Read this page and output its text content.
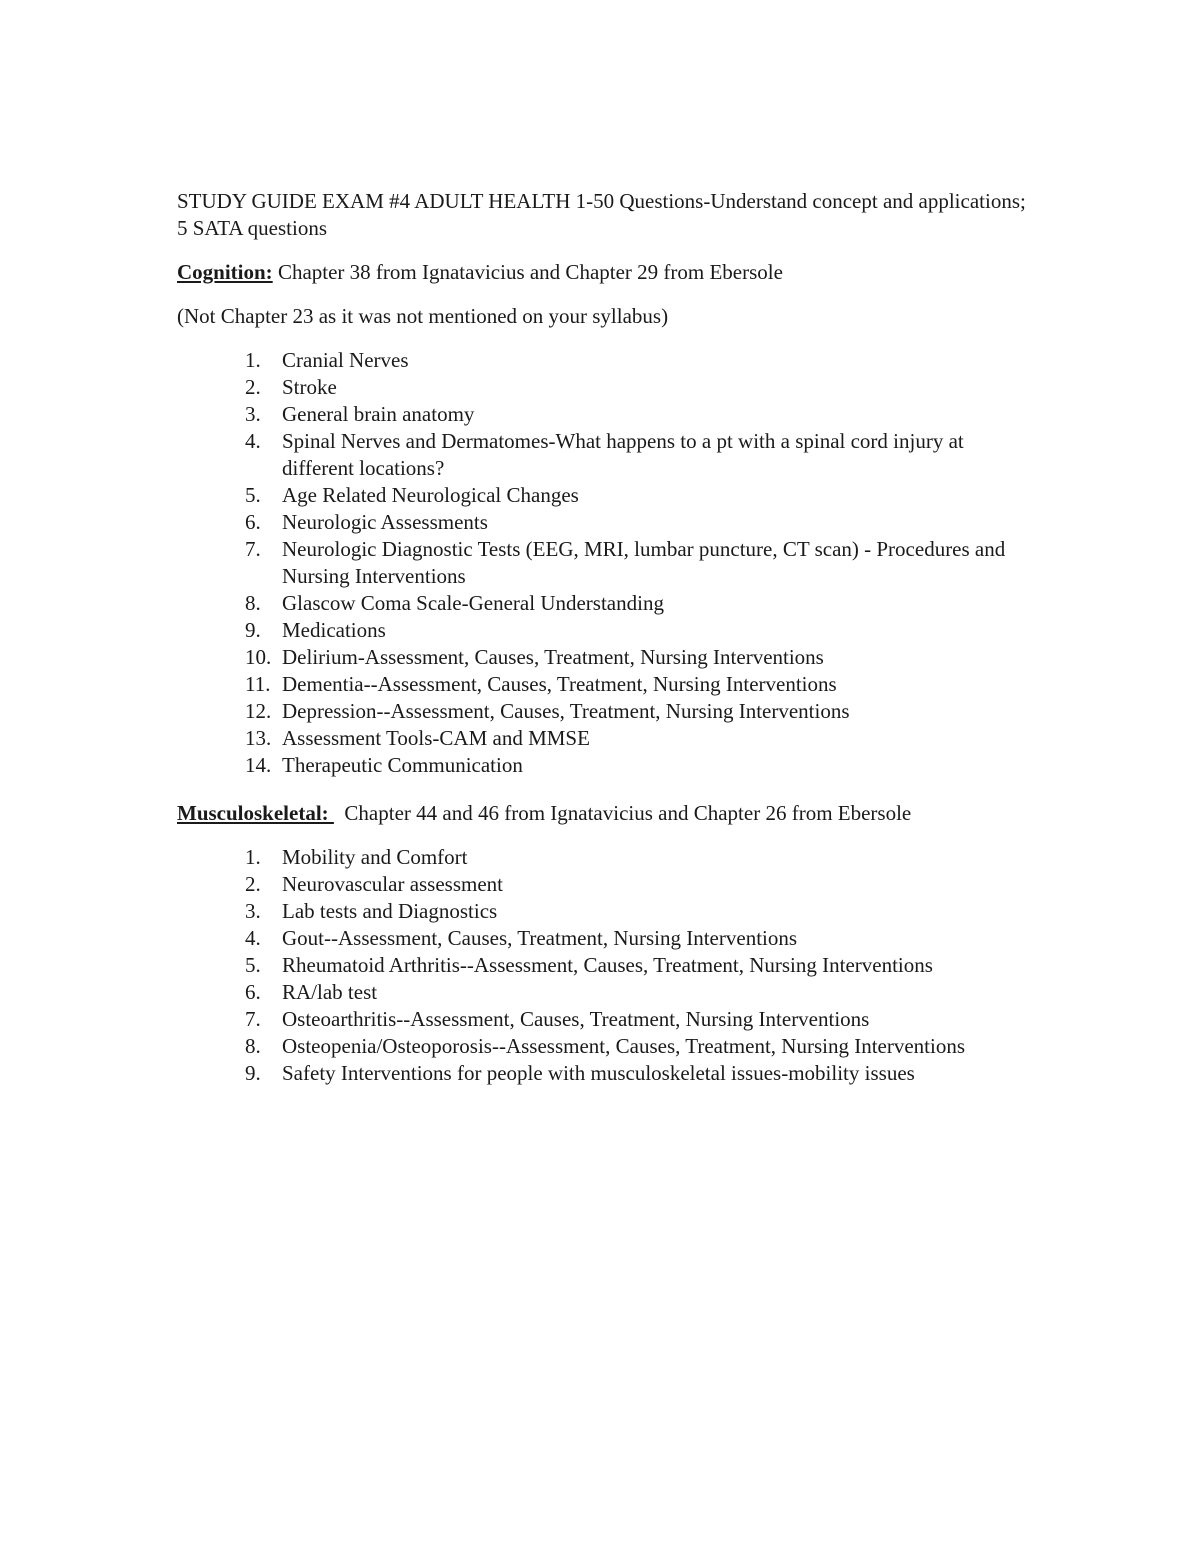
STUDY GUIDE EXAM #4 ADULT HEALTH 1-50 Questions-Understand concept and applications; 5 SATA questions

Cognition: Chapter 38 from Ignatavicius and Chapter 29 from Ebersole

(Not Chapter 23 as it was not mentioned on your syllabus)

1.	Cranial Nerves
2.	Stroke
3.	General brain anatomy
4.	Spinal Nerves and Dermatomes-What happens to a pt with a spinal cord injury at different locations?
5.	Age Related Neurological Changes
6.	Neurologic Assessments
7.	Neurologic Diagnostic Tests (EEG, MRI, lumbar puncture, CT scan) - Procedures and Nursing Interventions
8.	Glascow Coma Scale-General Understanding
9.	Medications
10. Delirium-Assessment, Causes, Treatment, Nursing Interventions
11. Dementia--Assessment, Causes, Treatment, Nursing Interventions
12. Depression--Assessment, Causes, Treatment, Nursing Interventions
13. Assessment Tools-CAM and MMSE
14. Therapeutic Communication

Musculoskeletal:   Chapter 44 and 46 from Ignatavicius and Chapter 26 from Ebersole

1.	Mobility and Comfort
2.	Neurovascular assessment
3.	Lab tests and Diagnostics
4.	Gout--Assessment, Causes, Treatment, Nursing Interventions
5.	Rheumatoid Arthritis--Assessment, Causes, Treatment, Nursing Interventions
6.	RA/lab test
7.	Osteoarthritis--Assessment, Causes, Treatment, Nursing Interventions
8.	Osteopenia/Osteoporosis--Assessment, Causes, Treatment, Nursing Interventions
9.	Safety Interventions for people with musculoskeletal issues-mobility issues
